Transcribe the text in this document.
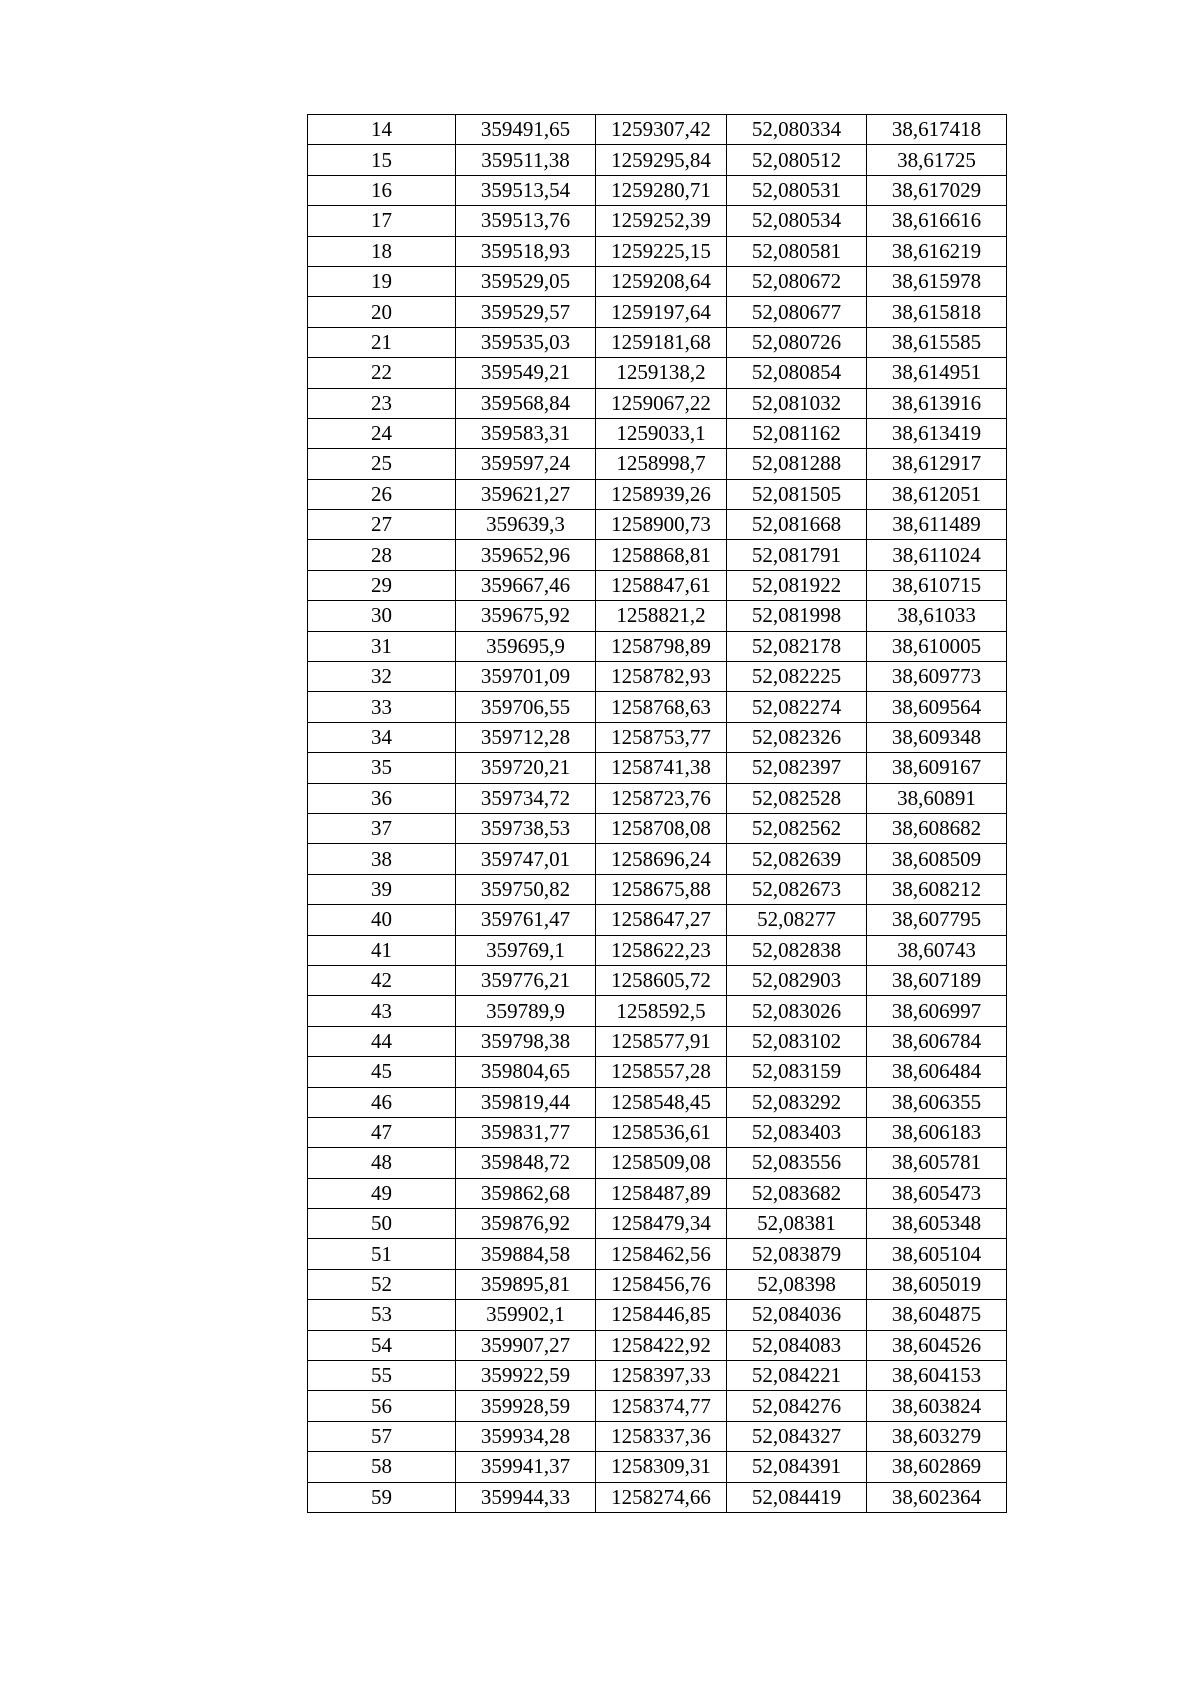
14	359491,65	1259307,42	52,080334	38,617418
15	359511,38	1259295,84	52,080512	38,61725
16	359513,54	1259280,71	52,080531	38,617029
17	359513,76	1259252,39	52,080534	38,616616
18	359518,93	1259225,15	52,080581	38,616219
19	359529,05	1259208,64	52,080672	38,615978
20	359529,57	1259197,64	52,080677	38,615818
21	359535,03	1259181,68	52,080726	38,615585
22	359549,21	1259138,2	52,080854	38,614951
23	359568,84	1259067,22	52,081032	38,613916
24	359583,31	1259033,1	52,081162	38,613419
25	359597,24	1258998,7	52,081288	38,612917
26	359621,27	1258939,26	52,081505	38,612051
27	359639,3	1258900,73	52,081668	38,611489
28	359652,96	1258868,81	52,081791	38,611024
29	359667,46	1258847,61	52,081922	38,610715
30	359675,92	1258821,2	52,081998	38,61033
31	359695,9	1258798,89	52,082178	38,610005
32	359701,09	1258782,93	52,082225	38,609773
33	359706,55	1258768,63	52,082274	38,609564
34	359712,28	1258753,77	52,082326	38,609348
35	359720,21	1258741,38	52,082397	38,609167
36	359734,72	1258723,76	52,082528	38,60891
37	359738,53	1258708,08	52,082562	38,608682
38	359747,01	1258696,24	52,082639	38,608509
39	359750,82	1258675,88	52,082673	38,608212
40	359761,47	1258647,27	52,08277	38,607795
41	359769,1	1258622,23	52,082838	38,60743
42	359776,21	1258605,72	52,082903	38,607189
43	359789,9	1258592,5	52,083026	38,606997
44	359798,38	1258577,91	52,083102	38,606784
45	359804,65	1258557,28	52,083159	38,606484
46	359819,44	1258548,45	52,083292	38,606355
47	359831,77	1258536,61	52,083403	38,606183
48	359848,72	1258509,08	52,083556	38,605781
49	359862,68	1258487,89	52,083682	38,605473
50	359876,92	1258479,34	52,08381	38,605348
51	359884,58	1258462,56	52,083879	38,605104
52	359895,81	1258456,76	52,08398	38,605019
53	359902,1	1258446,85	52,084036	38,604875
54	359907,27	1258422,92	52,084083	38,604526
55	359922,59	1258397,33	52,084221	38,604153
56	359928,59	1258374,77	52,084276	38,603824
57	359934,28	1258337,36	52,084327	38,603279
58	359941,37	1258309,31	52,084391	38,602869
59	359944,33	1258274,66	52,084419	38,602364
